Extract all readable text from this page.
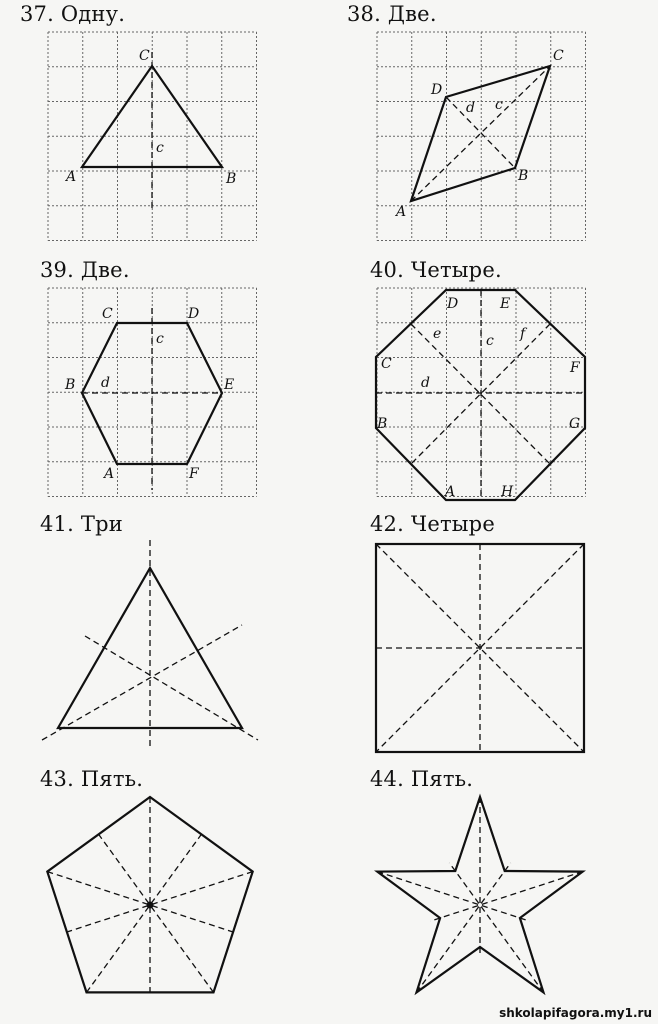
37. Одну.	38. Две.
39. Две.	40. Четыре.
41. Три	42. Четыре
43. Пять.	44. Пять.
A	B
C
c
A
B
C
D
c
d
C	D
B	E
A	F
c
d
D	E
C	F
B	G
A	H
c
d
e	f
shkolapifagora.my1.ru
